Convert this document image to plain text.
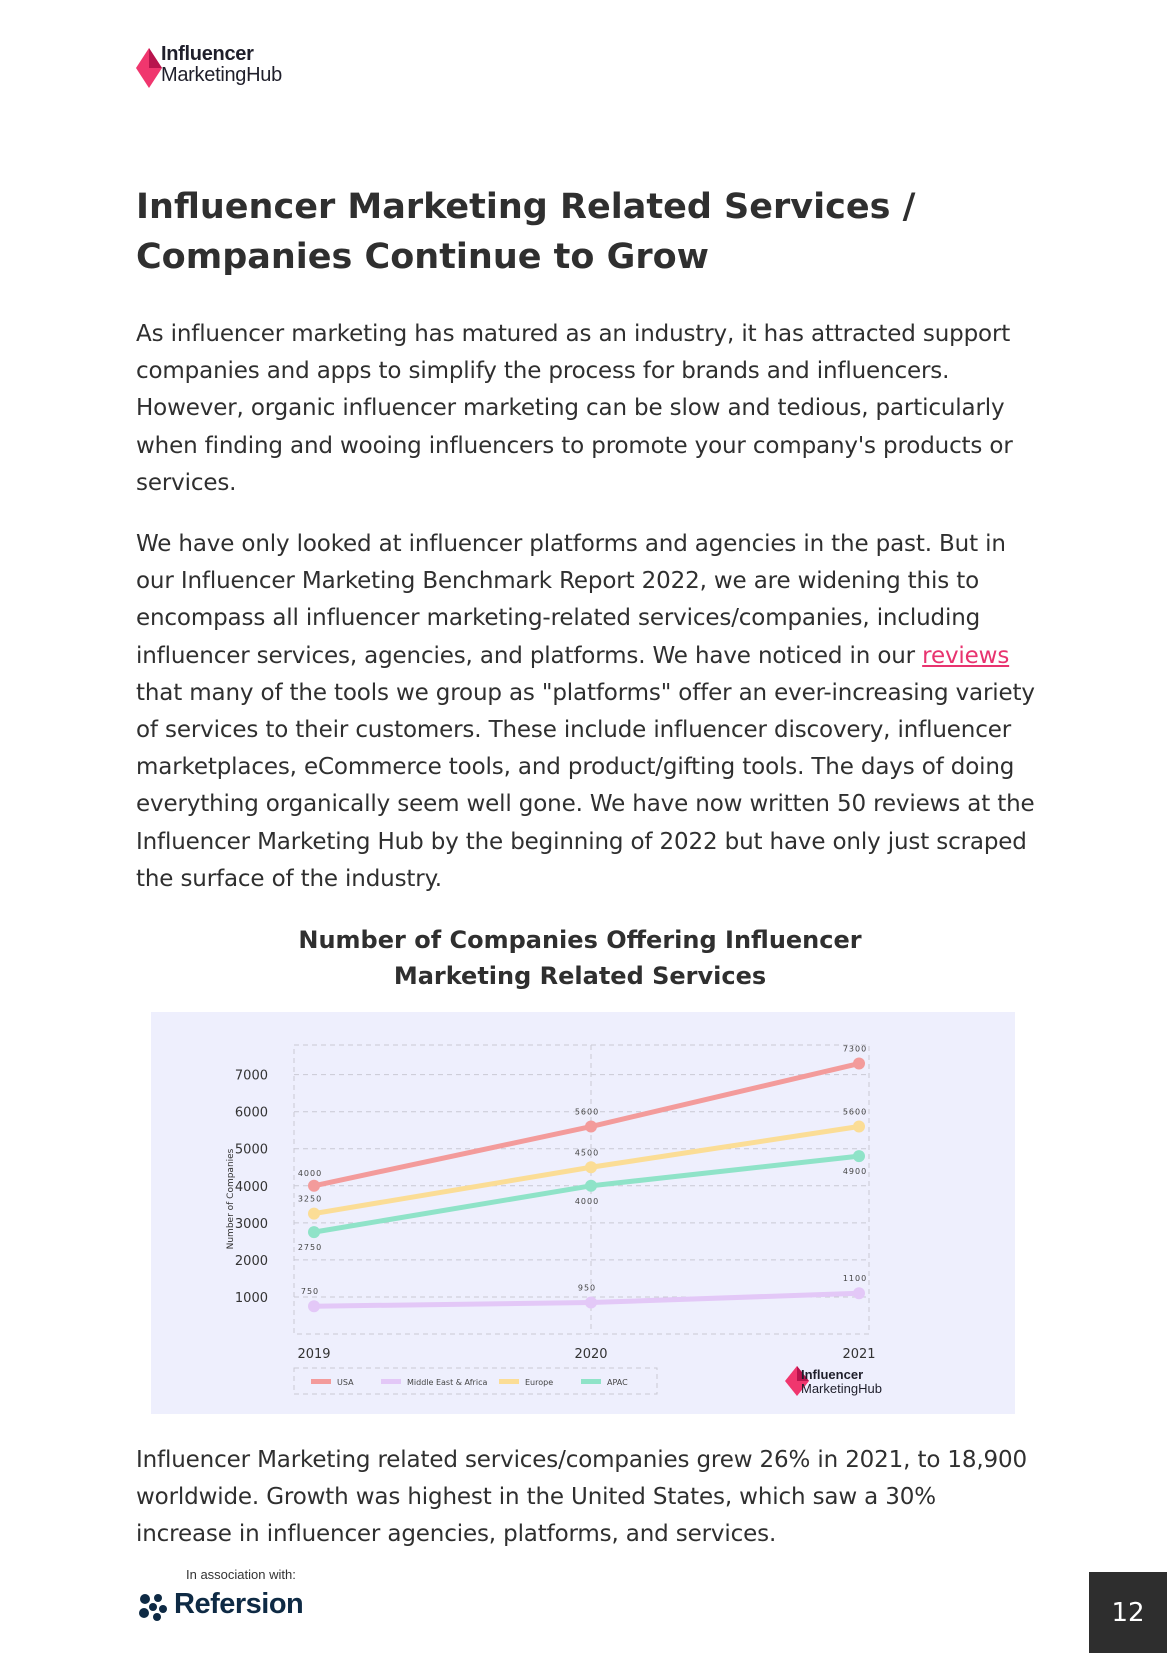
Influencer
MarketingHub
Influencer Marketing Related Services / Companies Continue to Grow

As influencer marketing has matured as an industry, it has attracted support companies and apps to simplify the process for brands and influencers. However, organic influencer marketing can be slow and tedious, particularly when finding and wooing influencers to promote your company's products or services.

We have only looked at influencer platforms and agencies in the past. But in our Influencer Marketing Benchmark Report 2022, we are widening this to encompass all influencer marketing-related services/companies, including influencer services, agencies, and platforms. We have noticed in our reviews that many of the tools we group as "platforms" offer an ever-increasing variety of services to their customers. These include influencer discovery, influencer marketplaces, eCommerce tools, and product/gifting tools. The days of doing everything organically seem well gone. We have now written 50 reviews at the Influencer Marketing Hub by the beginning of 2022 but have only just scraped the surface of the industry.

Number of Companies Offering Influencer Marketing Related Services
1000
2000
3000
4000
5000
6000
7000
2019	2020	2021
Number of Companies	4000
5600
7300
750	950
1100
3250
4500
5600
2750
4000
4900
USA	Middle East & Africa	Europe	APAC
Influencer
MarketingHub

Influencer Marketing related services/companies grew 26% in 2021, to 18,900 worldwide. Growth was highest in the United States, which saw a 30% increase in influencer agencies, platforms, and services.

In association with:
Refersion	12
